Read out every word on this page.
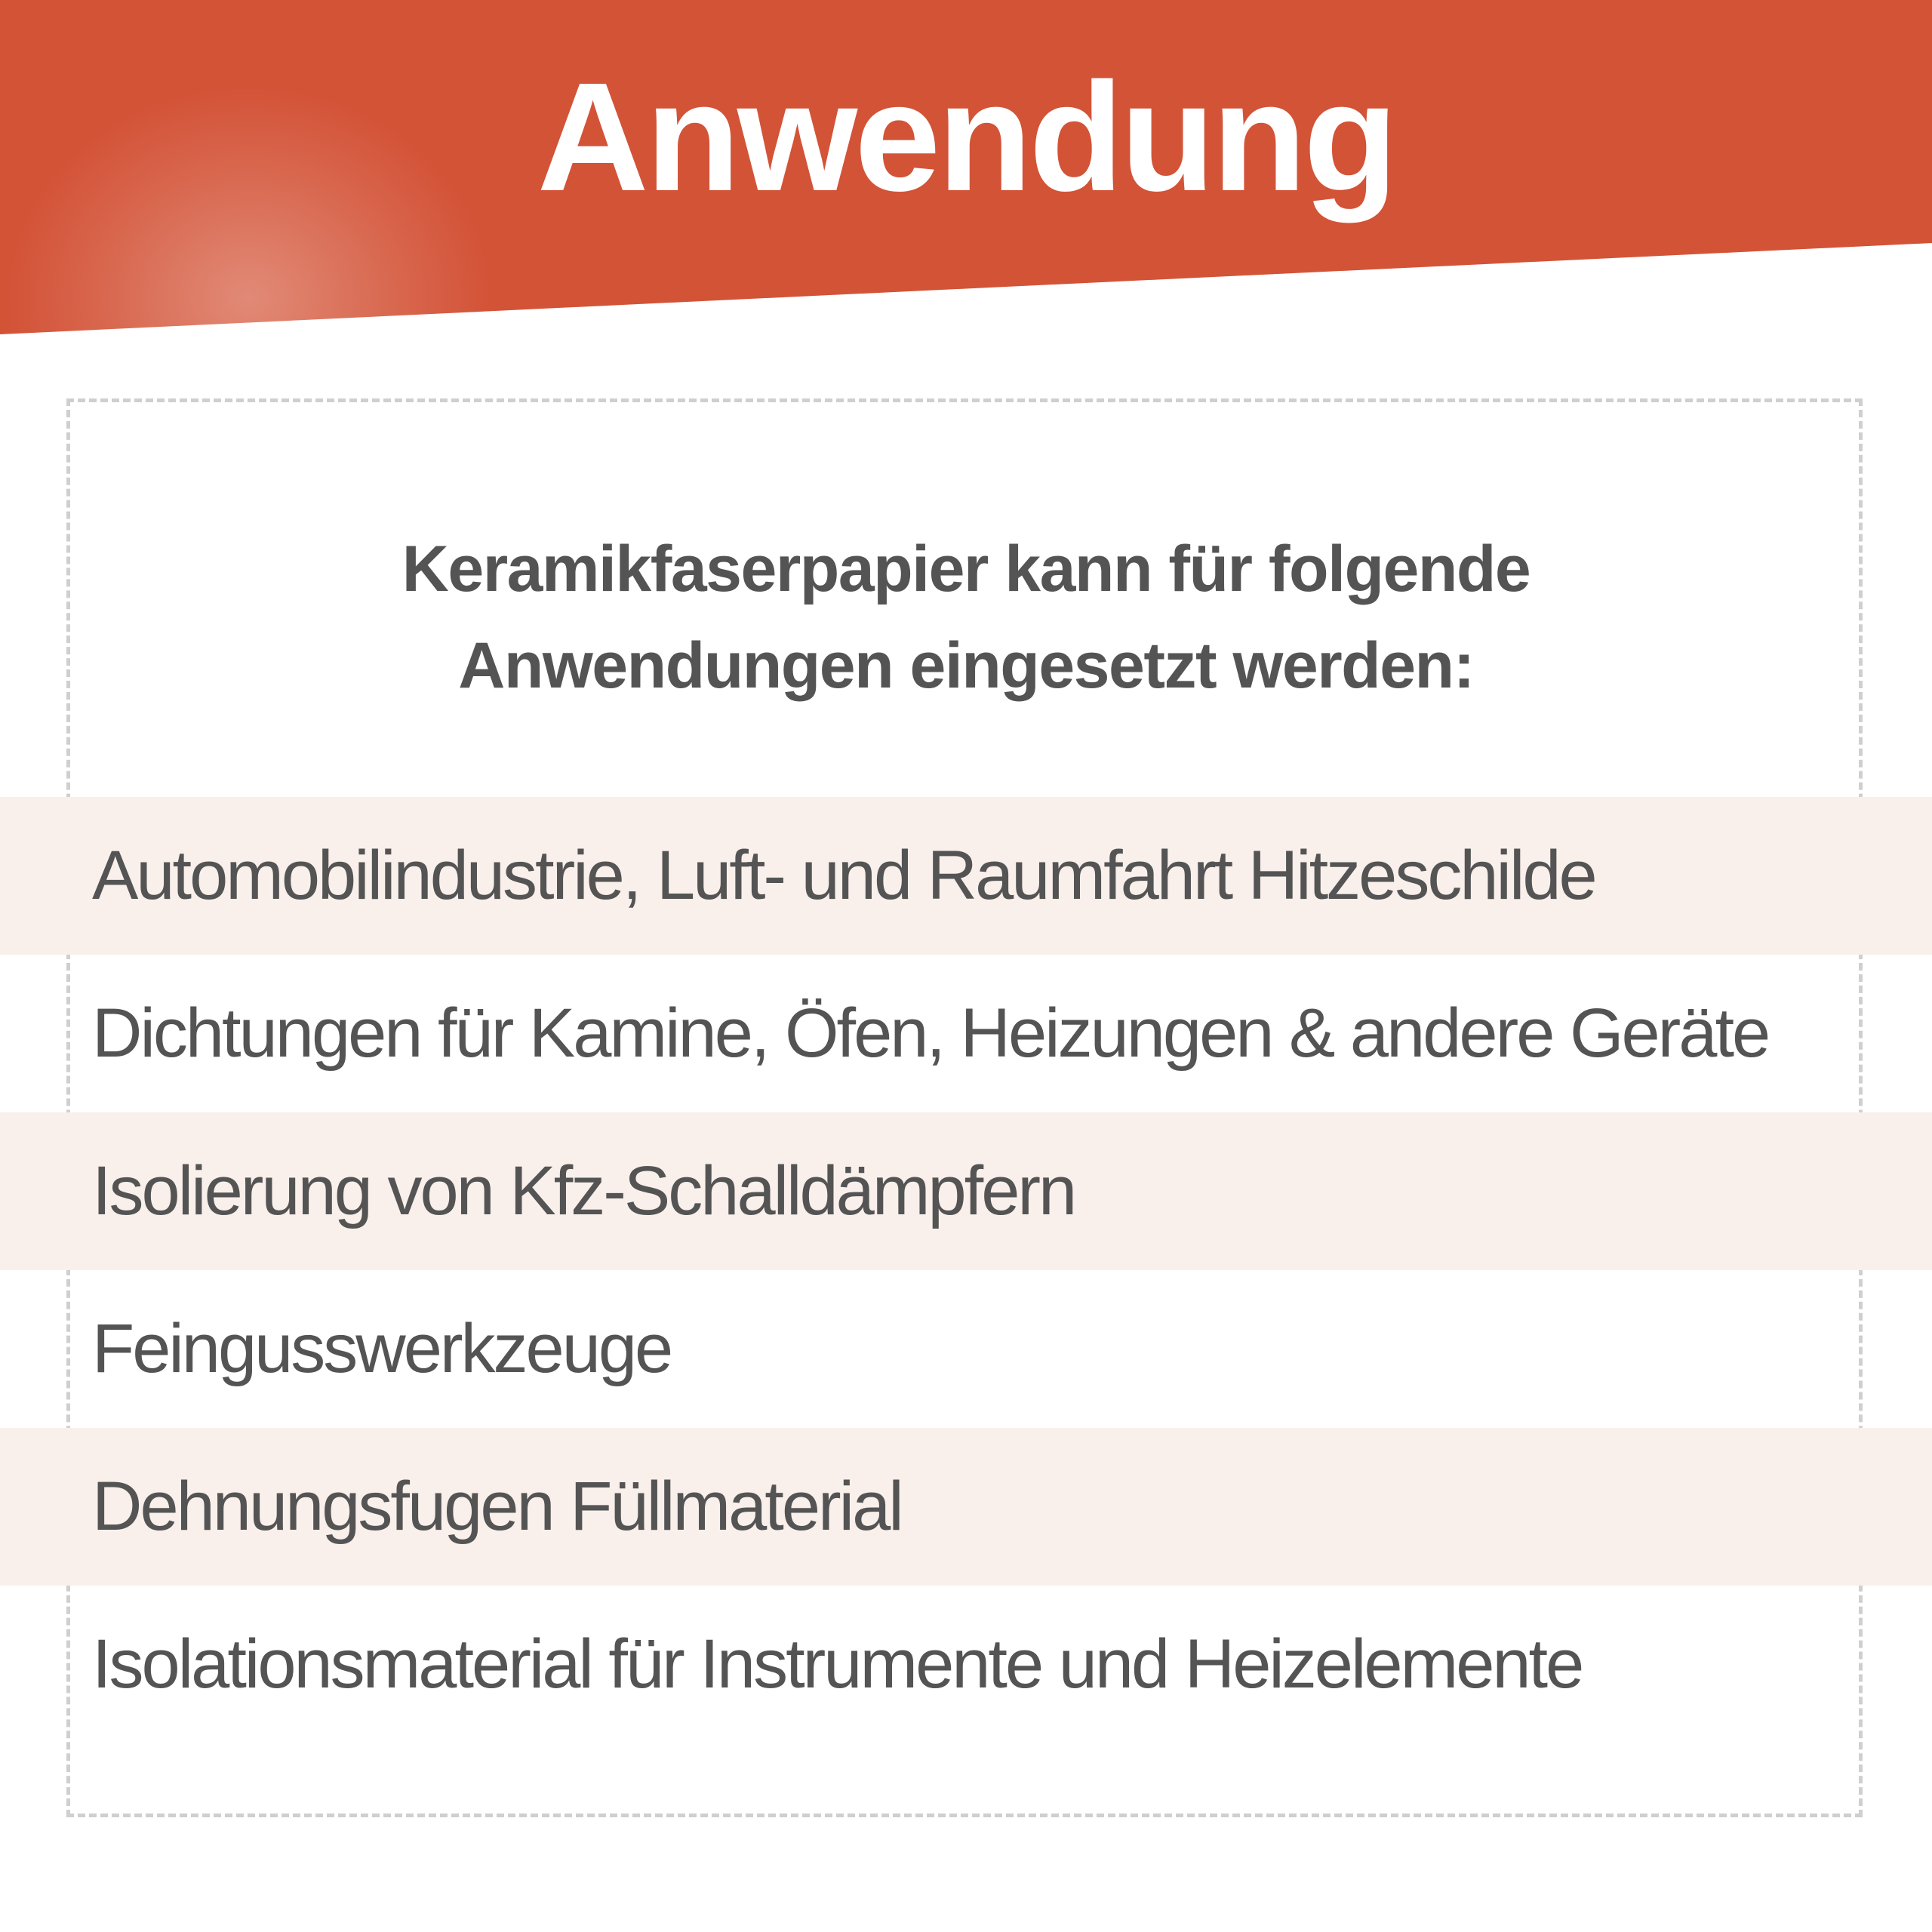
Anwendung
Keramikfaserpapier kann für folgende
Anwendungen eingesetzt werden:
Automobilindustrie, Luft- und Raumfahrt Hitzeschilde
Dichtungen für Kamine, Öfen, Heizungen & andere Geräte
Isolierung von Kfz-Schalldämpfern
Feingusswerkzeuge
Dehnungsfugen Füllmaterial
Isolationsmaterial für Instrumente und Heizelemente
